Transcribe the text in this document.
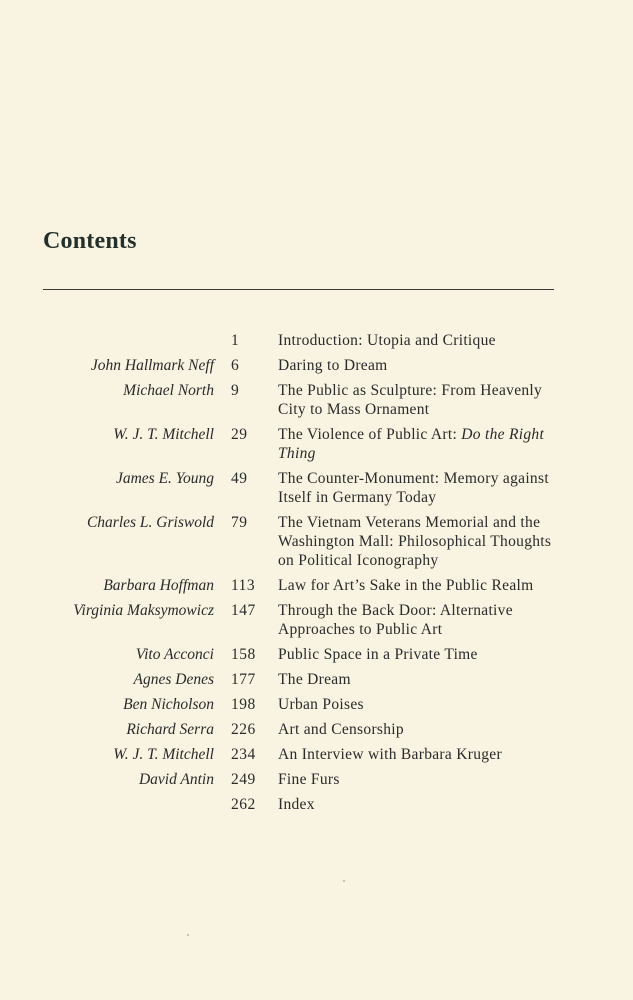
Contents
1	Introduction: Utopia and Critique
John Hallmark Neff	6	Daring to Dream
Michael North	9	The Public as Sculpture: From Heavenly City to Mass Ornament
W. J. T. Mitchell	29	The Violence of Public Art: Do the Right Thing
James E. Young	49	The Counter-Monument: Memory against Itself in Germany Today
Charles L. Griswold	79	The Vietnam Veterans Memorial and the Washington Mall: Philosophical Thoughts on Political Iconography
Barbara Hoffman	113	Law for Art’s Sake in the Public Realm
Virginia Maksymowicz	147	Through the Back Door: Alternative Approaches to Public Art
Vito Acconci	158	Public Space in a Private Time
Agnes Denes	177	The Dream
Ben Nicholson	198	Urban Poises
Richard Serra	226	Art and Censorship
W. J. T. Mitchell	234	An Interview with Barbara Kruger
David Antin	249	Fine Furs
262	Index
